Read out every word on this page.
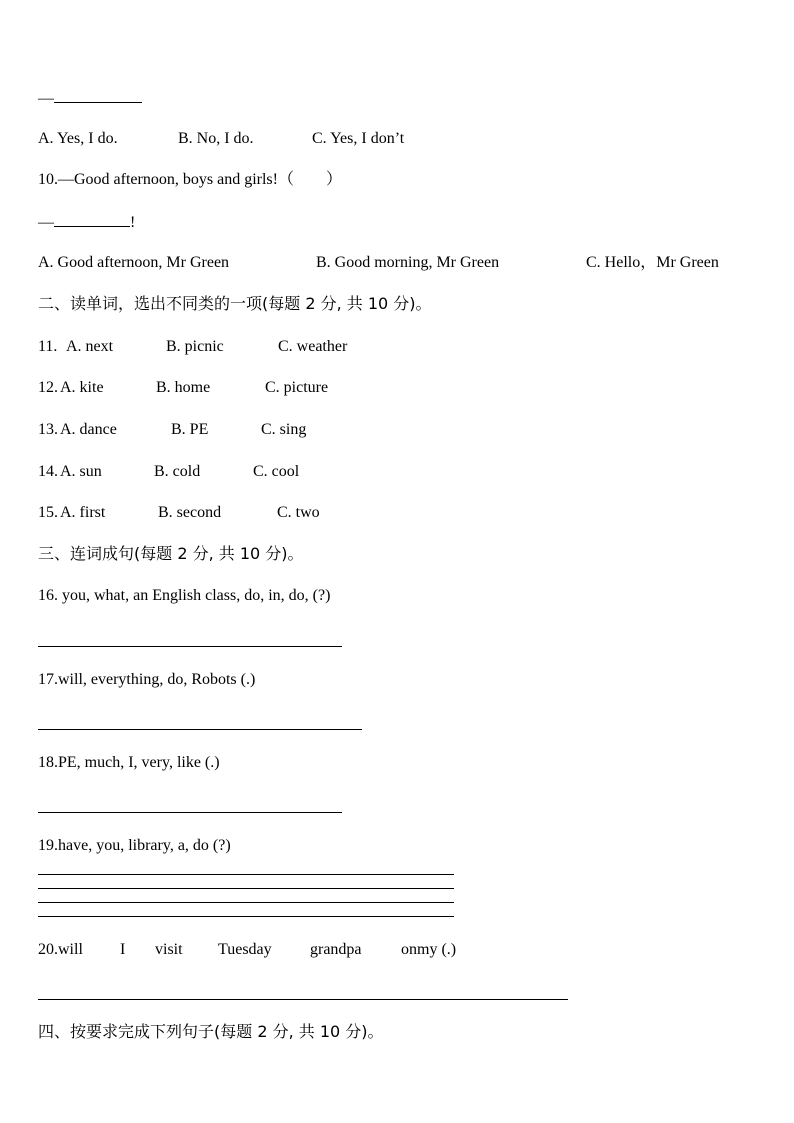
—
A. Yes, I do.	B. No, I do.	C. Yes, I don’t
10.—Good afternoon, boys and girls!（　　）
—	!
A. Good afternoon, Mr Green	B. Good morning, Mr Green	C. Hello，Mr Green
二、读单词，选出不同类的一项(每题 2 分, 共 10 分)。
11. A. next	B. picnic	C. weather
12. A. kite	B. home	C. picture
13. A. dance	B. PE	C. sing
14. A. sun	B. cold	C. cool
15. A. first	B. second	C. two
三、连词成句(每题 2 分, 共 10 分)。
16. you, what, an English class, do, in, do, (?)
17.will, everything, do, Robots (.)
18.PE, much, I, very, like (.)
19.have, you, library, a, do (?)
20.will I visit Tuesday grandpa onmy (.)
四、按要求完成下列句子(每题 2 分, 共 10 分)。
